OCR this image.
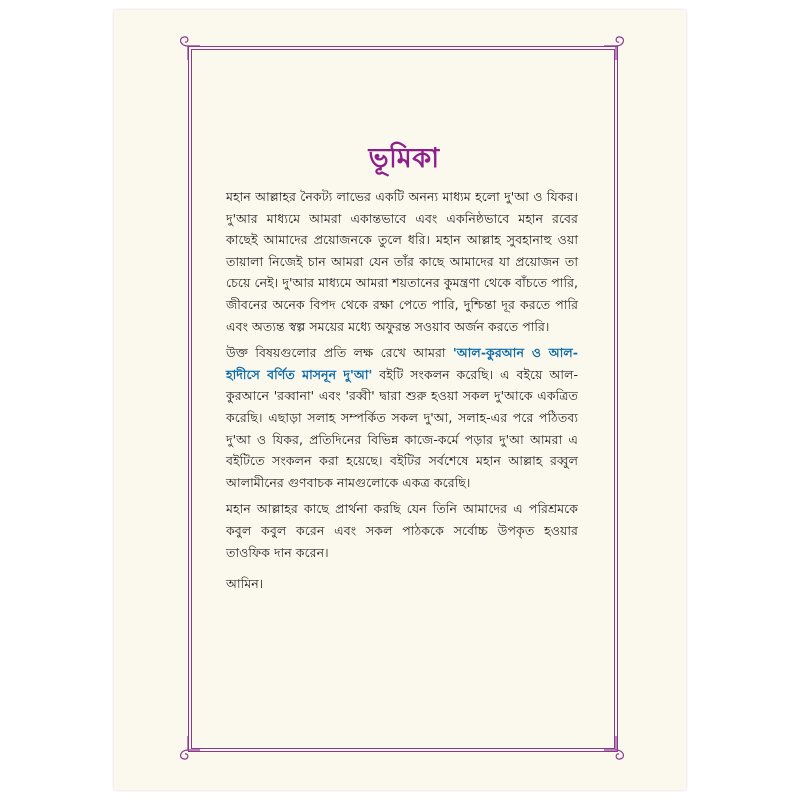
ভূমিকা

মহান আল্লাহর নৈকট্য লাভের একটি অনন্য মাধ্যম হলো দু'আ ও যিকর। দু'আর মাধ্যমে আমরা একান্তভাবে এবং একনিষ্ঠভাবে মহান রবের কাছেই আমাদের প্রয়োজনকে তুলে ধরি। মহান আল্লাহ সুবহানাহু ওয়া তায়ালা নিজেই চান আমরা যেন তাঁর কাছে আমাদের যা প্রয়োজন তা চেয়ে নেই। দু'আর মাধ্যমে আমরা শয়তানের কুমন্ত্রণা থেকে বাঁচতে পারি, জীবনের অনেক বিপদ থেকে রক্ষা পেতে পারি, দুশ্চিন্তা দূর করতে পারি এবং অত্যন্ত স্বল্প সময়ের মধ্যে অফুরন্ত সওয়াব অর্জন করতে পারি।

উক্ত বিষয়গুলোর প্রতি লক্ষ রেখে আমরা 'আল-কুরআন ও আল-হাদীসে বর্ণিত মাসনূন দু'আ' বইটি সংকলন করেছি। এ বইয়ে আল-কুরআনে 'রব্বানা' এবং 'রব্বী' দ্বারা শুরু হওয়া সকল দু'আকে একত্রিত করেছি। এছাড়া সলাহ সম্পর্কিত সকল দু'আ, সলাহ-এর পরে পঠিতব্য দু'আ ও যিকর, প্রতিদিনের বিভিন্ন কাজে-কর্মে পড়ার দু'আ আমরা এ বইটিতে সংকলন করা হয়েছে। বইটির সর্বশেষে মহান আল্লাহ রব্বুল আলামীনের গুণবাচক নামগুলোকে একত্র করেছি।

মহান আল্লাহর কাছে প্রার্থনা করছি যেন তিনি আমাদের এ পরিশ্রমকে কবুল কবুল করেন এবং সকল পাঠককে সর্বোচ্চ উপকৃত হওয়ার তাওফিক দান করেন।

আমিন।
